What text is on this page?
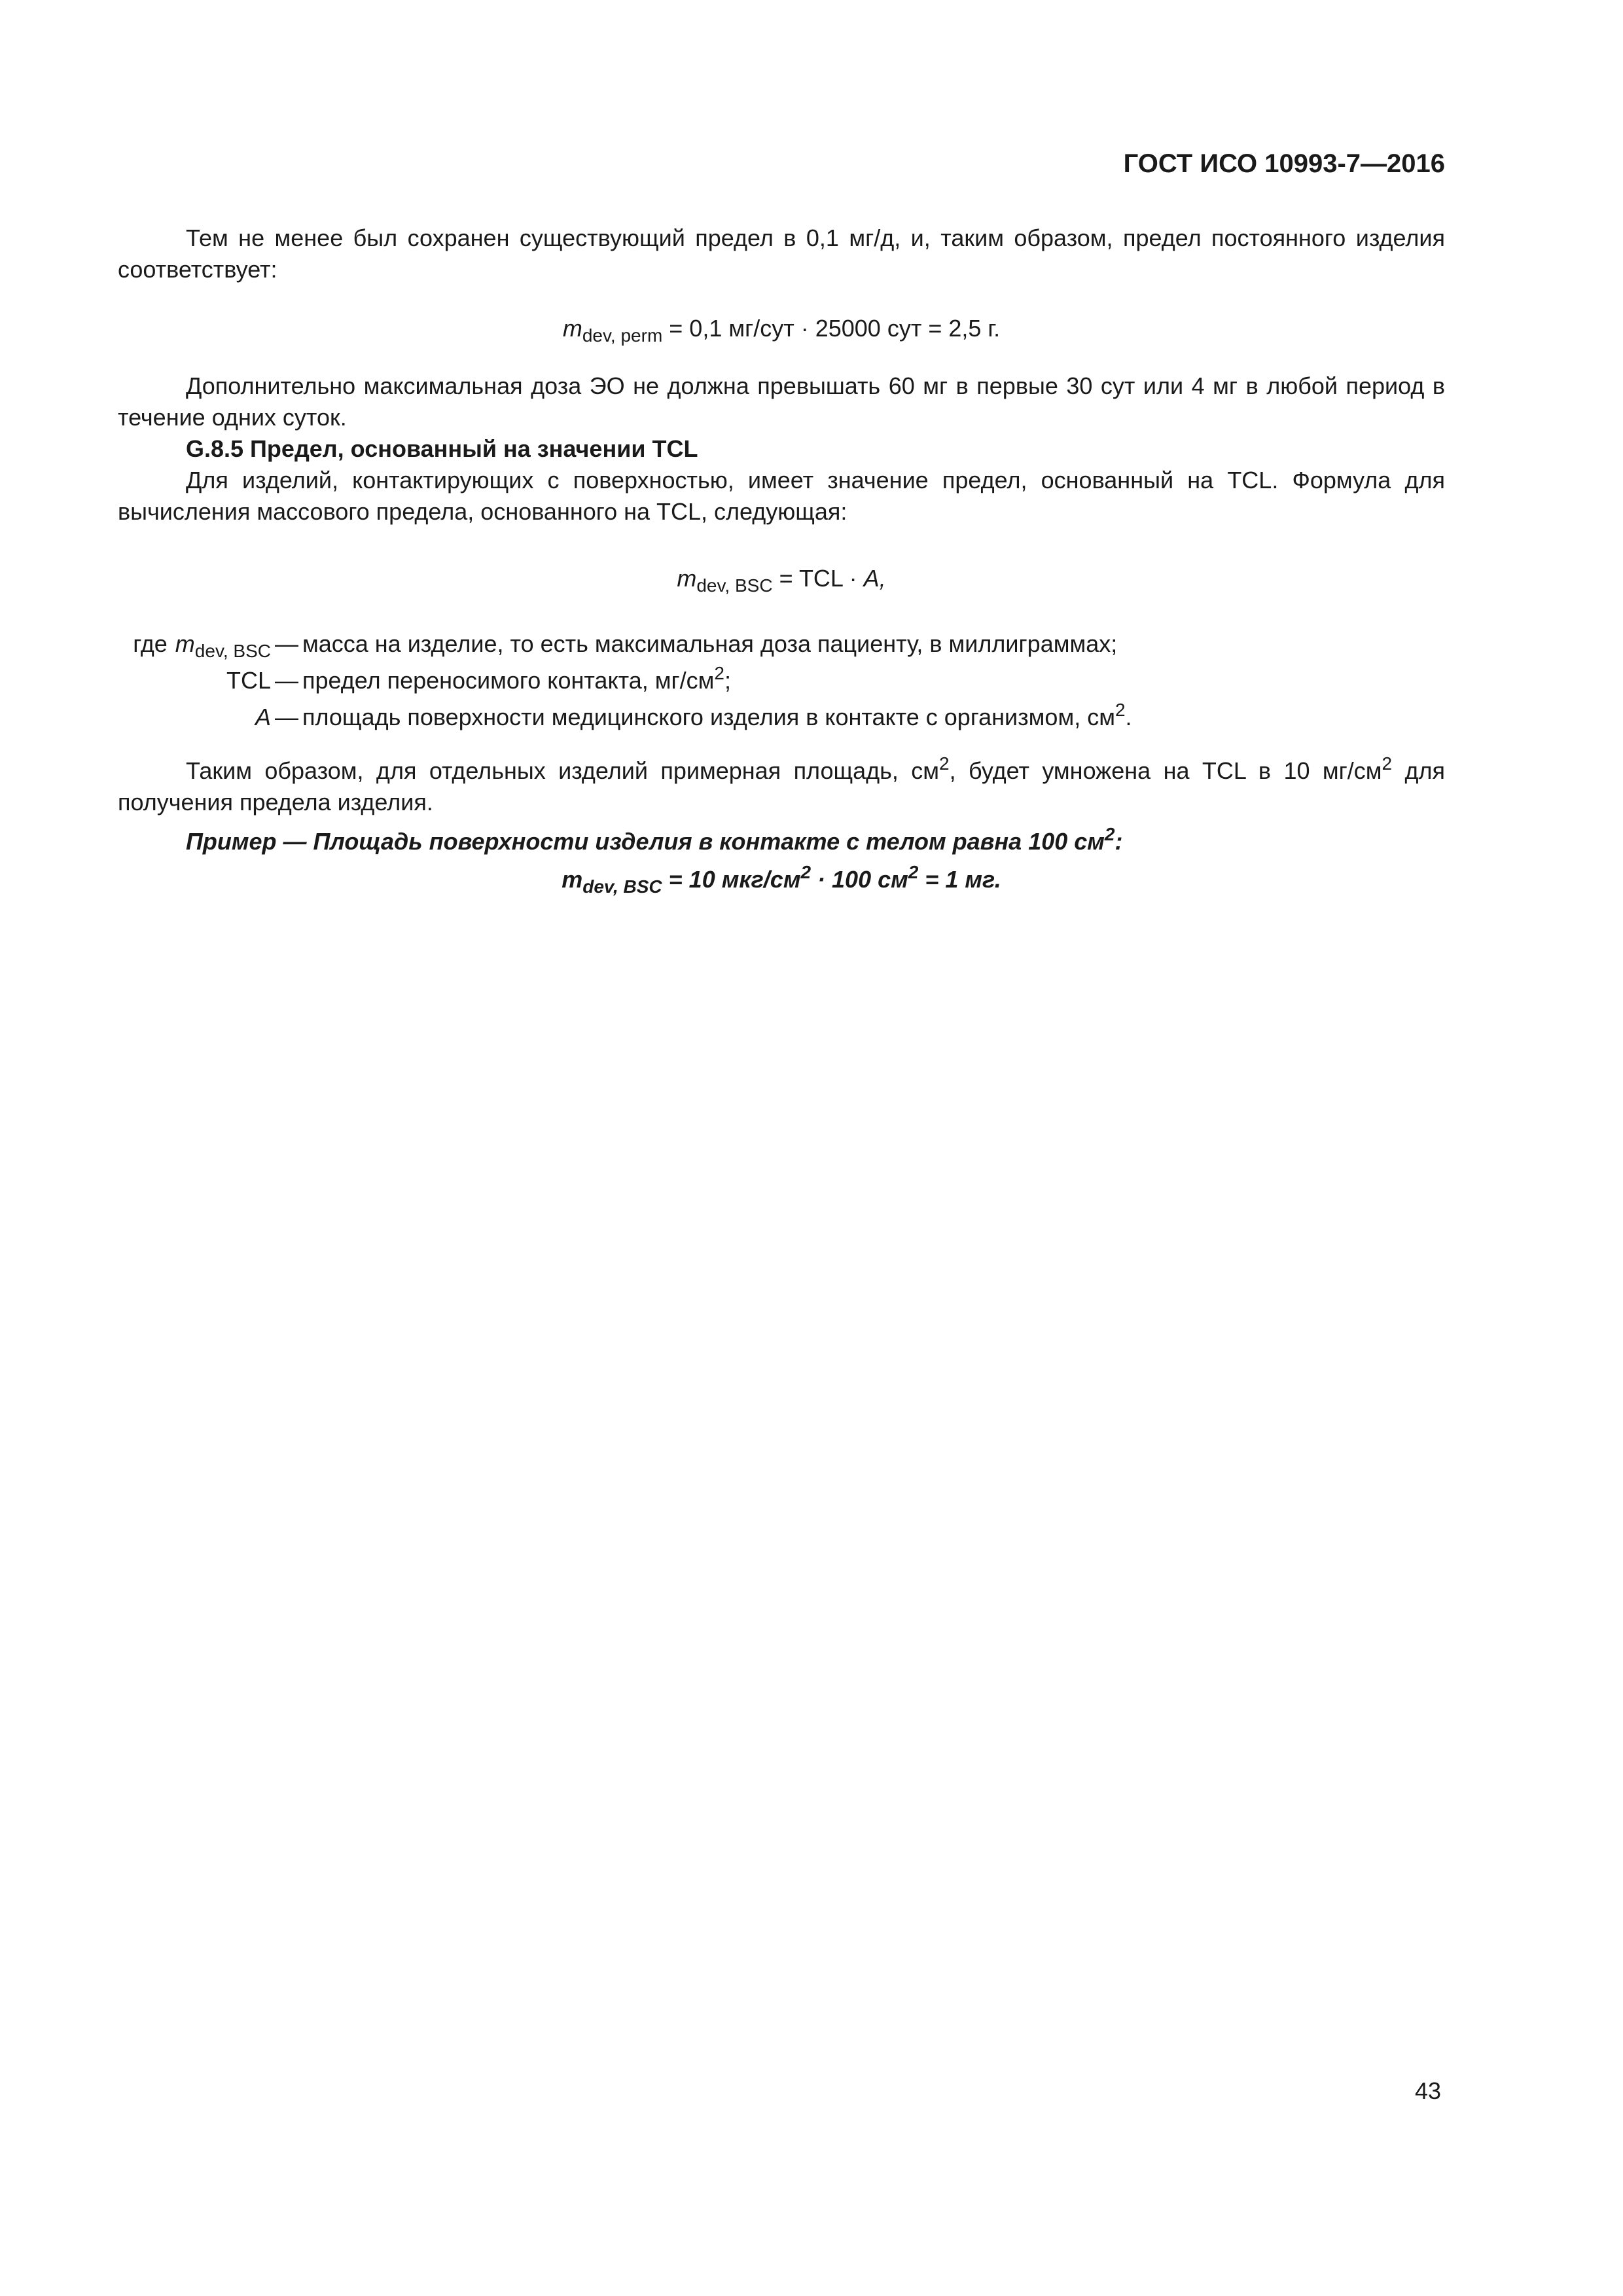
ГОСТ ИСО 10993-7—2016

Тем не менее был сохранен существующий предел в 0,1 мг/д, и, таким образом, предел постоянного изделия соответствует:

$m_{dev, perm} = 0,1$ мг/сут · 25000 сут = 2,5 г.

Дополнительно максимальная доза ЭО не должна превышать 60 мг в первые 30 сут или 4 мг в любой период в течение одних суток.

G.8.5 Предел, основанный на значении TCL

Для изделий, контактирующих с поверхностью, имеет значение предел, основанный на TCL. Формула для вычисления массового предела, основанного на TCL, следующая:

$m_{dev, BSC}$ = TCL · A,

где $m_{dev, BSC}$ — масса на изделие, то есть максимальная доза пациенту, в миллиграммах;
TCL — предел переносимого контакта, $мг/см^2$;
A — площадь поверхности медицинского изделия в контакте с организмом, $см^2$.

Таким образом, для отдельных изделий примерная площадь, $см^2$, будет умножена на TCL в 10 $мг/см^2$ для получения предела изделия.

Пример — Площадь поверхности изделия в контакте с телом равна 100 $см^2$:

$m_{dev, BSC} = 10$ мкг/$см^2 \cdot 100$ $см^2 = 1$ мг.

43
